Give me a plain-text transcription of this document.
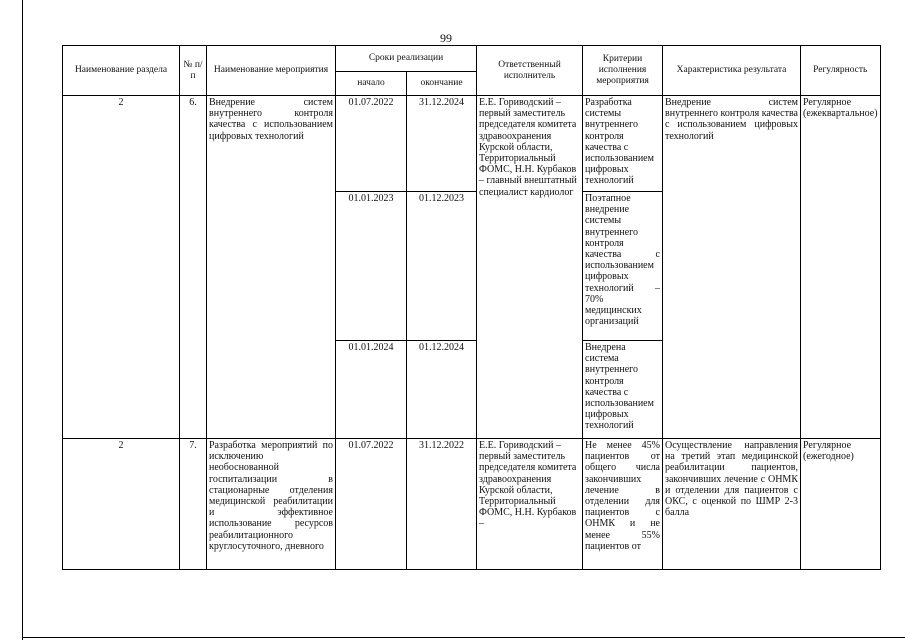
99
Наименование раздела	№ п/п	Наименование мероприятия	Сроки реализации		Ответственный исполнитель	Критерии исполнения мероприятия	Характеристика результата	Регулярность
			начало	окончание				
2	6.	Внедрение систем внутреннего контроля качества с использованием цифровых технологий	01.07.2022	31.12.2024	Е.Е. Гориводский – первый заместитель председателя комитета здравоохранения Курской области, Территориальный ФОМС, Н.Н. Курбаков – главный внештатный специалист кардиолог	Разработка системы внутреннего контроля качества с использованием цифровых технологий	Внедрение систем внутреннего контроля качества с использованием цифровых технологий	Регулярное (ежеквартальное)
			01.01.2023	01.12.2023		Поэтапное внедрение системы внутреннего контроля качества с использованием цифровых технологий – 70% медицинских организаций		
			01.01.2024	01.12.2024		Внедрена система внутреннего контроля качества с использованием цифровых технологий		

2	7.	Разработка мероприятий по исключению необоснованной госпитализации в стационарные отделения медицинской реабилитации и эффективное использование ресурсов реабилитационного круглосуточного, дневного	01.07.2022	31.12.2022	Е.Е. Гориводский – первый заместитель председателя комитета здравоохранения Курской области, Территориальный ФОМС, Н.Н. Курбаков –	Не менее 45% пациентов от общего числа закончивших лечение в отделении для пациентов с ОНМК и не менее 55% пациентов от	Осуществление направления на третий этап медицинской реабилитации пациентов, закончивших лечение с ОНМК и отделении для пациентов с ОКС, с оценкой по ШМР 2-3 балла	Регулярное (ежегодное)
